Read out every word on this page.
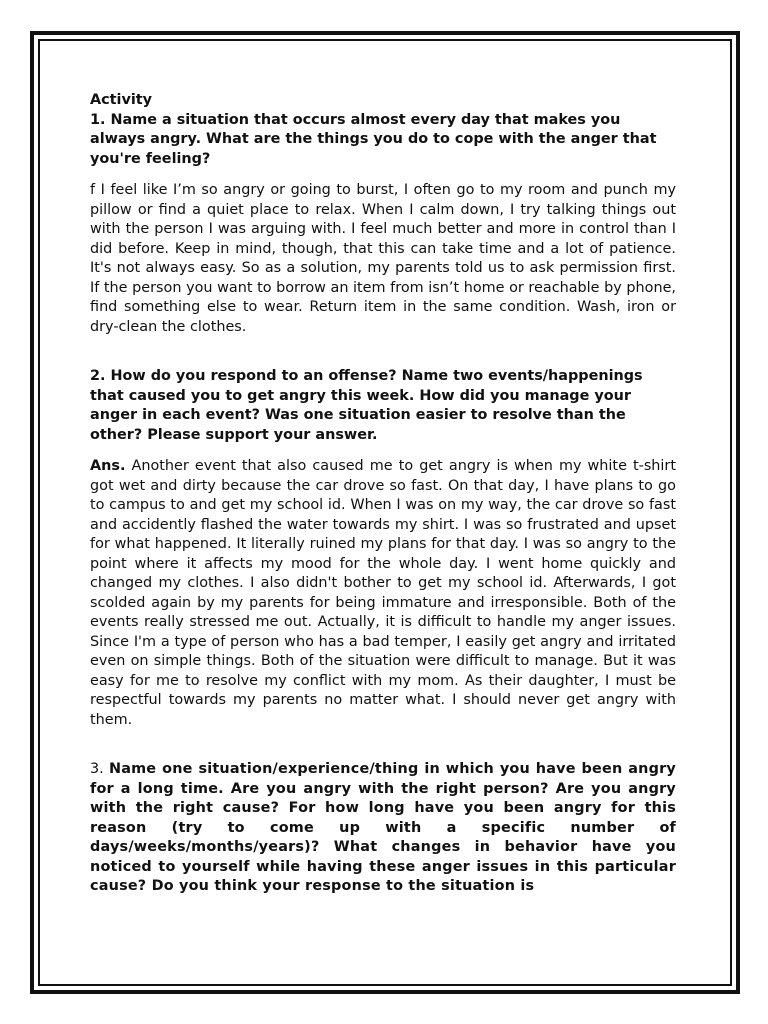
Activity

1. Name a situation that occurs almost every day that makes you always angry. What are the things you do to cope with the anger that you're feeling?

f I feel like I’m so angry or going to burst, I often go to my room and punch my pillow or find a quiet place to relax. When I calm down, I try talking things out with the person I was arguing with. I feel much better and more in control than I did before. Keep in mind, though, that this can take time and a lot of patience. It's not always easy. So as a solution, my parents told us to ask permission first. If the person you want to borrow an item from isn’t home or reachable by phone, find something else to wear. Return item in the same condition. Wash, iron or dry-clean the clothes.

2. How do you respond to an offense? Name two events/happenings that caused you to get angry this week. How did you manage your anger in each event? Was one situation easier to resolve than the other? Please support your answer.

Ans. Another event that also caused me to get angry is when my white t-shirt got wet and dirty because the car drove so fast. On that day, I have plans to go to campus to and get my school id. When I was on my way, the car drove so fast and accidently flashed the water towards my shirt. I was so frustrated and upset for what happened. It literally ruined my plans for that day. I was so angry to the point where it affects my mood for the whole day. I went home quickly and changed my clothes. I also didn't bother to get my school id. Afterwards, I got scolded again by my parents for being immature and irresponsible. Both of the events really stressed me out. Actually, it is difficult to handle my anger issues. Since I'm a type of person who has a bad temper, I easily get angry and irritated even on simple things. Both of the situation were difficult to manage. But it was easy for me to resolve my conflict with my mom. As their daughter, I must be respectful towards my parents no matter what. I should never get angry with them.

3. Name one situation/experience/thing in which you have been angry for a long time. Are you angry with the right person? Are you angry with the right cause? For how long have you been angry for this reason (try to come up with a specific number of days/weeks/months/years)? What changes in behavior have you noticed to yourself while having these anger issues in this particular cause? Do you think your response to the situation is
